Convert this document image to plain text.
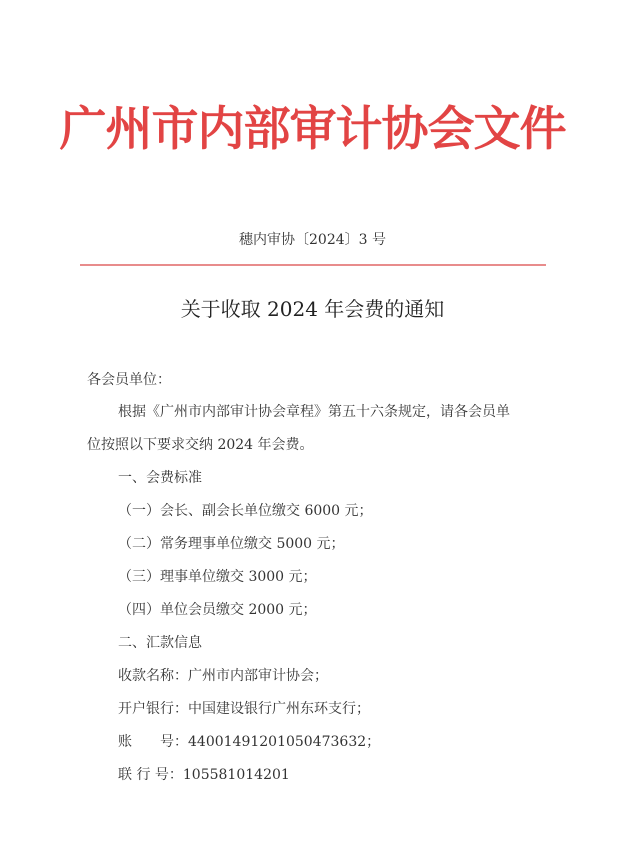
广州市内部审计协会文件
穗内审协〔2024〕3 号
关于收取 2024 年会费的通知
各会员单位：
根据《广州市内部审计协会章程》第五十六条规定，请各会员单
位按照以下要求交纳 2024 年会费。
一、会费标准
（一）会长、副会长单位缴交 6000 元；
（二）常务理事单位缴交 5000 元；
（三）理事单位缴交 3000 元；
（四）单位会员缴交 2000 元；
二、汇款信息
收款名称：广州市内部审计协会；
开户银行：中国建设银行广州东环支行；
账　　号：44001491201050473632；
联 行 号：105581014201
